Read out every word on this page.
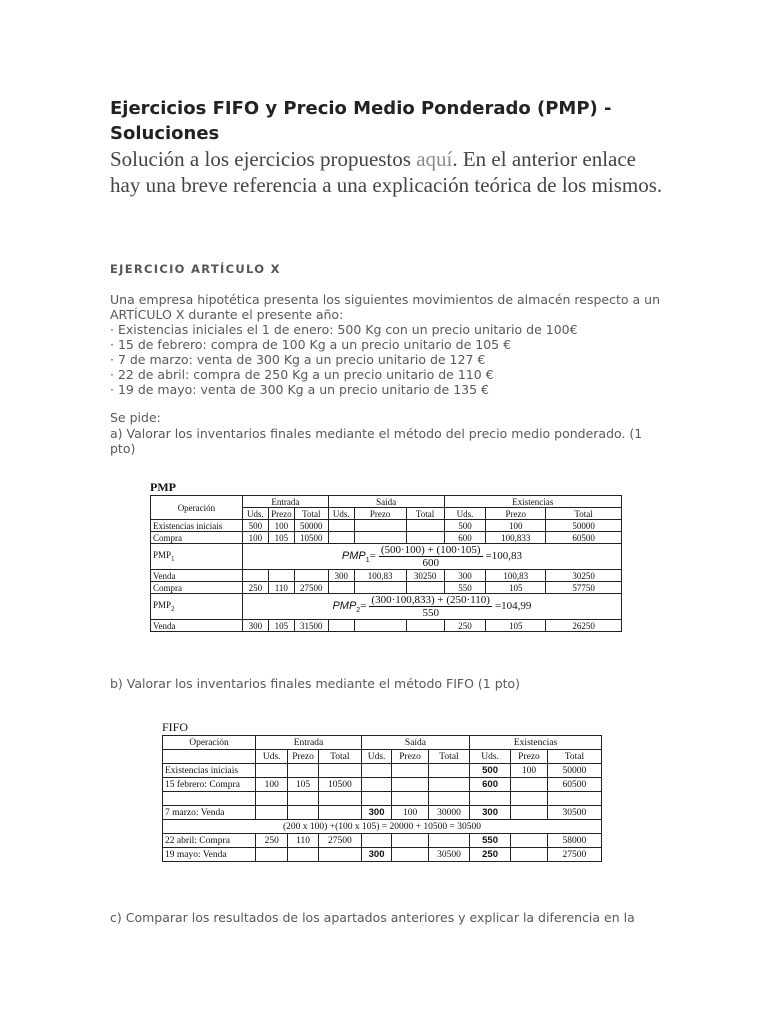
Ejercicios FIFO y Precio Medio Ponderado (PMP) - Soluciones
Solución a los ejercicios propuestos aquí. En el anterior enlace hay una breve referencia a una explicación teórica de los mismos.
EJERCICIO ARTÍCULO X
Una empresa hipotética presenta los siguientes movimientos de almacén respecto a un ARTÍCULO X durante el presente año:
· Existencias iniciales el 1 de enero: 500 Kg con un precio unitario de 100€
· 15 de febrero: compra de 100 Kg a un precio unitario de 105 €
· 7 de marzo: venta de 300 Kg a un precio unitario de 127 €
· 22 de abril: compra de 250 Kg a un precio unitario de 110 €
· 19 de mayo: venta de 300 Kg a un precio unitario de 135 €
Se pide:
a) Valorar los inventarios finales mediante el método del precio medio ponderado. (1 pto)
PMP
Operación	Entrada			Saída			Existencias		
	Uds.	Prezo	Total	Uds.	Prezo	Total	Uds.	Prezo	Total
Existencias iniciais	500	100	50000				500	100	50000
Compra	100	105	10500				600	100,833	60500
$PMP_1$	$PMP_1= \frac{(500\cdot 100) + (100\cdot 105)}{600} =100,83$								
Venda				300	100,83	30250	300	100,83	30250
Compra	250	110	27500				550	105	57750
$PMP_2$	$PMP_2= \frac{(300\cdot 100,833) + (250\cdot 110)}{550} =104,99$								
Venda	300	105	31500				250	105	26250
b) Valorar los inventarios finales mediante el método FIFO (1 pto)
FIFO
Operación	Entrada			Saída			Existencias		
	Uds.	Prezo	Total	Uds.	Prezo	Total	Uds.	Prezo	Total
Existencias iniciais							500	100	50000
15 febrero: Compra	100	105	10500				600		60500

7 marzo: Venda				300	100	30000	300		30500
(200 x 100) +(100 x 105) = 20000 + 10500 = 30500									
22 abril: Compra	250	110	27500				550		58000
19 mayo: Venda				300		30500	250		27500
c) Comparar los resultados de los apartados anteriores y explicar la diferencia en la
